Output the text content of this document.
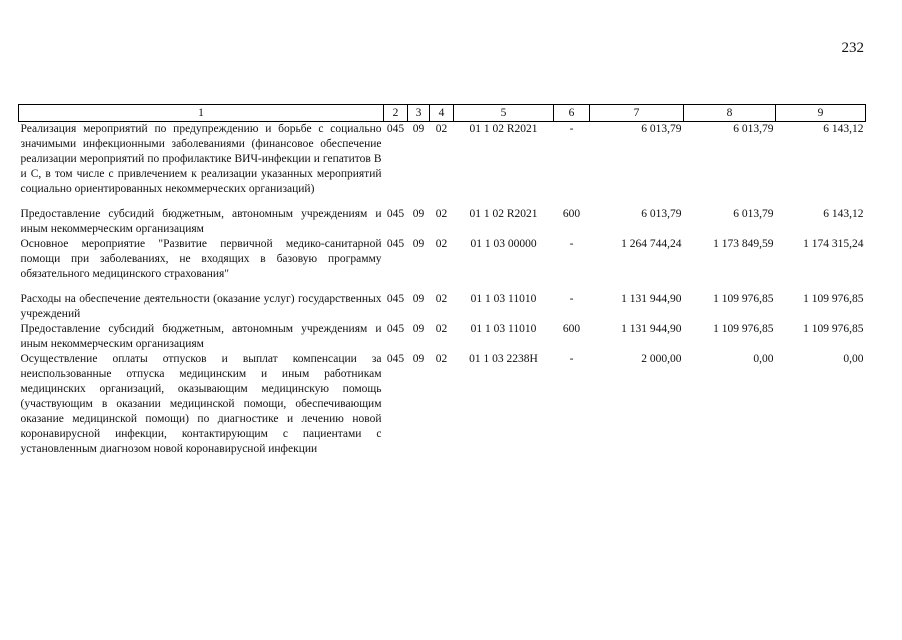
232
1	2	3	4	5	6	7	8	9
Реализация мероприятий по предупреждению и борьбе с социально значимыми инфекционными заболеваниями (финансовое обеспечение реализации мероприятий по профилактике ВИЧ-инфекции и гепатитов В и С, в том числе с привлечением к реализации указанных мероприятий социально ориентированных некоммерческих организаций)	045	09	02	01 1 02 R2021	-	6 013,79	6 013,79	6 143,12

Предоставление субсидий бюджетным, автономным учреждениям и иным некоммерческим организациям	045	09	02	01 1 02 R2021	600	6 013,79	6 013,79	6 143,12
Основное мероприятие "Развитие первичной медико-санитарной помощи при заболеваниях, не входящих в базовую программу обязательного медицинского страхования"	045	09	02	01 1 03 00000	-	1 264 744,24	1 173 849,59	1 174 315,24

Расходы на обеспечение деятельности (оказание услуг) государственных учреждений	045	09	02	01 1 03 11010	-	1 131 944,90	1 109 976,85	1 109 976,85
Предоставление субсидий бюджетным, автономным учреждениям и иным некоммерческим организациям	045	09	02	01 1 03 11010	600	1 131 944,90	1 109 976,85	1 109 976,85
Осуществление оплаты отпусков и выплат компенсации за неиспользованные отпуска медицинским и иным работникам медицинских организаций, оказывающим медицинскую помощь (участвующим в оказании медицинской помощи, обеспечивающим оказание медицинской помощи) по диагностике и лечению новой коронавирусной инфекции, контактирующим с пациентами с установленным диагнозом новой коронавирусной инфекции	045	09	02	01 1 03 2238Н	-	2 000,00	0,00	0,00
